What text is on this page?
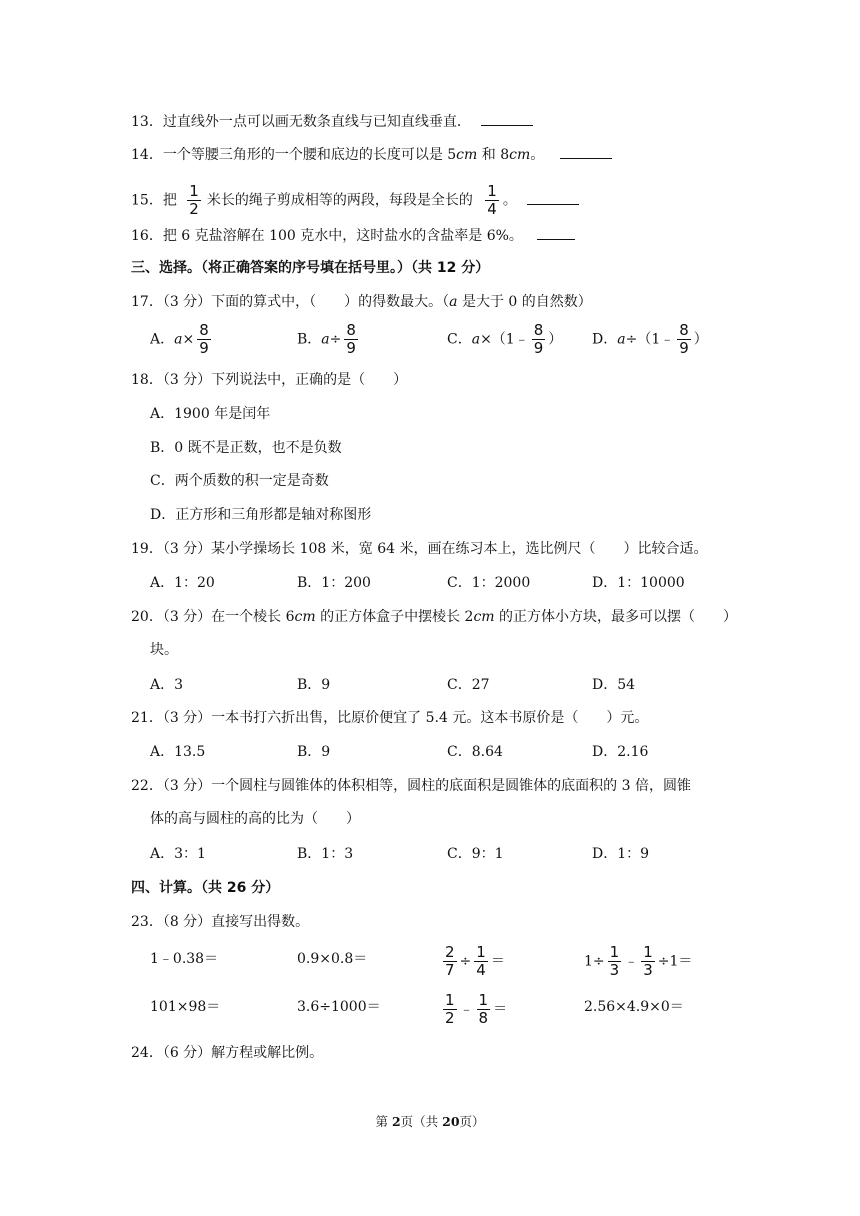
13．过直线外一点可以画无数条直线与已知直线垂直．
14．一个等腰三角形的一个腰和底边的长度可以是 5cm 和 8cm。
15．把 $\frac{1}{2}$ 米长的绳子剪成相等的两段，每段是全长的 $\frac{1}{4}$ 。
16．把 6 克盐溶解在 100 克水中，这时盐水的含盐率是 6%。
三、选择。（将正确答案的序号填在括号里。）（共 12 分）
17．（3 分）下面的算式中，（　　）的得数最大。（a 是大于 0 的自然数）
A．$a\times \frac{8}{9}$	B．$a\div \frac{8}{9}$	C．a×（1﹣ $\frac{8}{9}$ ） D．a÷（1﹣ $\frac{8}{9}$ ）
18．（3 分）下列说法中，正确的是（　　）
A．1900 年是闰年
B．0 既不是正数，也不是负数
C．两个质数的积一定是奇数
D．正方形和三角形都是轴对称图形
19．（3 分）某小学操场长 108 米，宽 64 米，画在练习本上，选比例尺（　　）比较合适。
A．1：20	B．1：200	C．1：2000	D．1：10000
20．（3 分）在一个棱长 6cm 的正方体盒子中摆棱长 2cm 的正方体小方块，最多可以摆（　　）
块。
A．3	B．9	C．27	D．54
21．（3 分）一本书打六折出售，比原价便宜了 5.4 元。这本书原价是（　　）元。
A．13.5	B．9	C．8.64	D．2.16
22．（3 分）一个圆柱与圆锥体的体积相等，圆柱的底面积是圆锥体的底面积的 3 倍，圆锥
体的高与圆柱的高的比为（　　）
A．3：1	B．1：3	C．9：1	D．1：9
四、计算。（共 26 分）
23．（8 分）直接写出得数。
1﹣0.38＝	0.9×0.8＝	$\frac{2}{7} \div \frac{1}{4}$ ＝	$1\div \frac{1}{3}$ ﹣ $\frac{1}{3} \div 1=$
101×98＝	3.6÷1000＝	$\frac{1}{2}$ ﹣ $\frac{1}{8}$ ＝	2.56×4.9×0＝
24．（6 分）解方程或解比例。
第 2页（共 20页）
